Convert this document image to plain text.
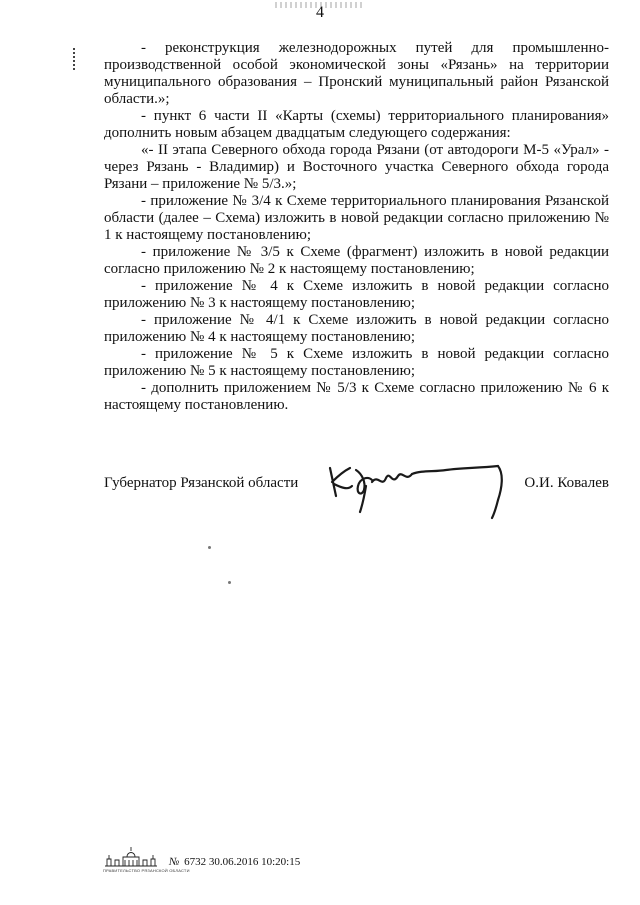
4

- реконструкция железнодорожных путей для промышленно-производственной особой экономической зоны «Рязань» на территории муниципального образования – Пронский муниципальный район Рязанской области.»;

- пункт 6 части II «Карты (схемы) территориального планирования» дополнить новым абзацем двадцатым следующего содержания:

«- II этапа Северного обхода города Рязани (от автодороги М-5 «Урал» - через Рязань - Владимир) и Восточного участка Северного обхода города Рязани – приложение № 5/3.»;

- приложение № 3/4 к Схеме территориального планирования Рязанской области (далее – Схема) изложить в новой редакции согласно приложению № 1 к настоящему постановлению;

- приложение № 3/5 к Схеме (фрагмент) изложить в новой редакции согласно приложению № 2 к настоящему постановлению;

- приложение № 4 к Схеме изложить в новой редакции согласно приложению № 3 к настоящему постановлению;

- приложение № 4/1 к Схеме изложить в новой редакции согласно приложению № 4 к настоящему постановлению;

- приложение № 5 к Схеме изложить в новой редакции согласно приложению № 5 к настоящему постановлению;

- дополнить приложением № 5/3 к Схеме согласно приложению № 6 к настоящему постановлению.

Губернатор Рязанской области	О.И. Ковалев
ПРАВИТЕЛЬСТВО РЯЗАНСКОЙ ОБЛАСТИ
№ 6732 30.06.2016 10:20:15
